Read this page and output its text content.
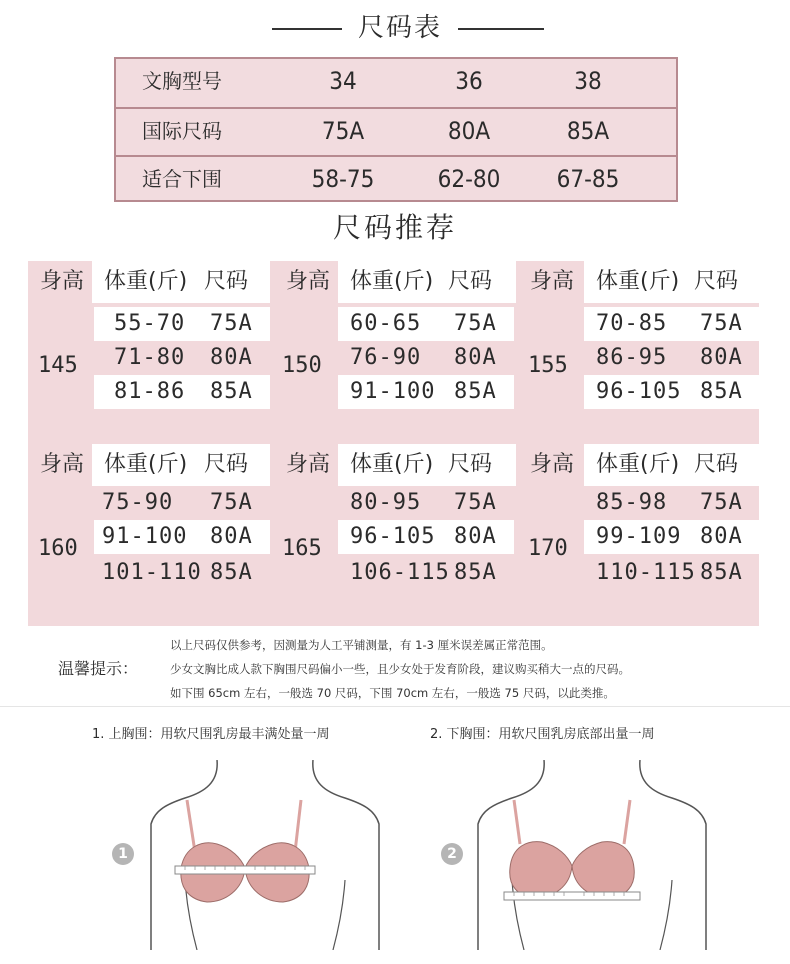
尺码表
文胸型号	34	36	38
国际尺码	75A	80A	85A
适合下围	58-75	62-80	67-85
尺码推荐
身高 体重(斤) 尺码 身高 体重(斤) 尺码 身高 体重(斤) 尺码
145
55-70 75A
71-80 80A
81-86 85A
150
60-65 75A
76-90 80A
91-100 85A
155
70-85 75A
86-95 80A
96-105 85A
身高 体重(斤) 尺码 身高 体重(斤) 尺码 身高 体重(斤) 尺码
160
75-90 75A
91-100 80A
101-110 85A
165
80-95 75A
96-105 80A
106-115 85A
170
85-98 75A
99-109 80A
110-115 85A
温馨提示：
以上尺码仅供参考，因测量为人工平铺测量，有 1-3 厘米误差属正常范围。
少女文胸比成人款下胸围尺码偏小一些，且少女处于发育阶段，建议购买稍大一点的尺码。
如下围 65cm 左右，一般选 70 尺码，下围 70cm 左右，一般选 75 尺码，以此类推。
1. 上胸围：用软尺围乳房最丰满处量一周	2. 下胸围：用软尺围乳房底部出量一周
1	2
